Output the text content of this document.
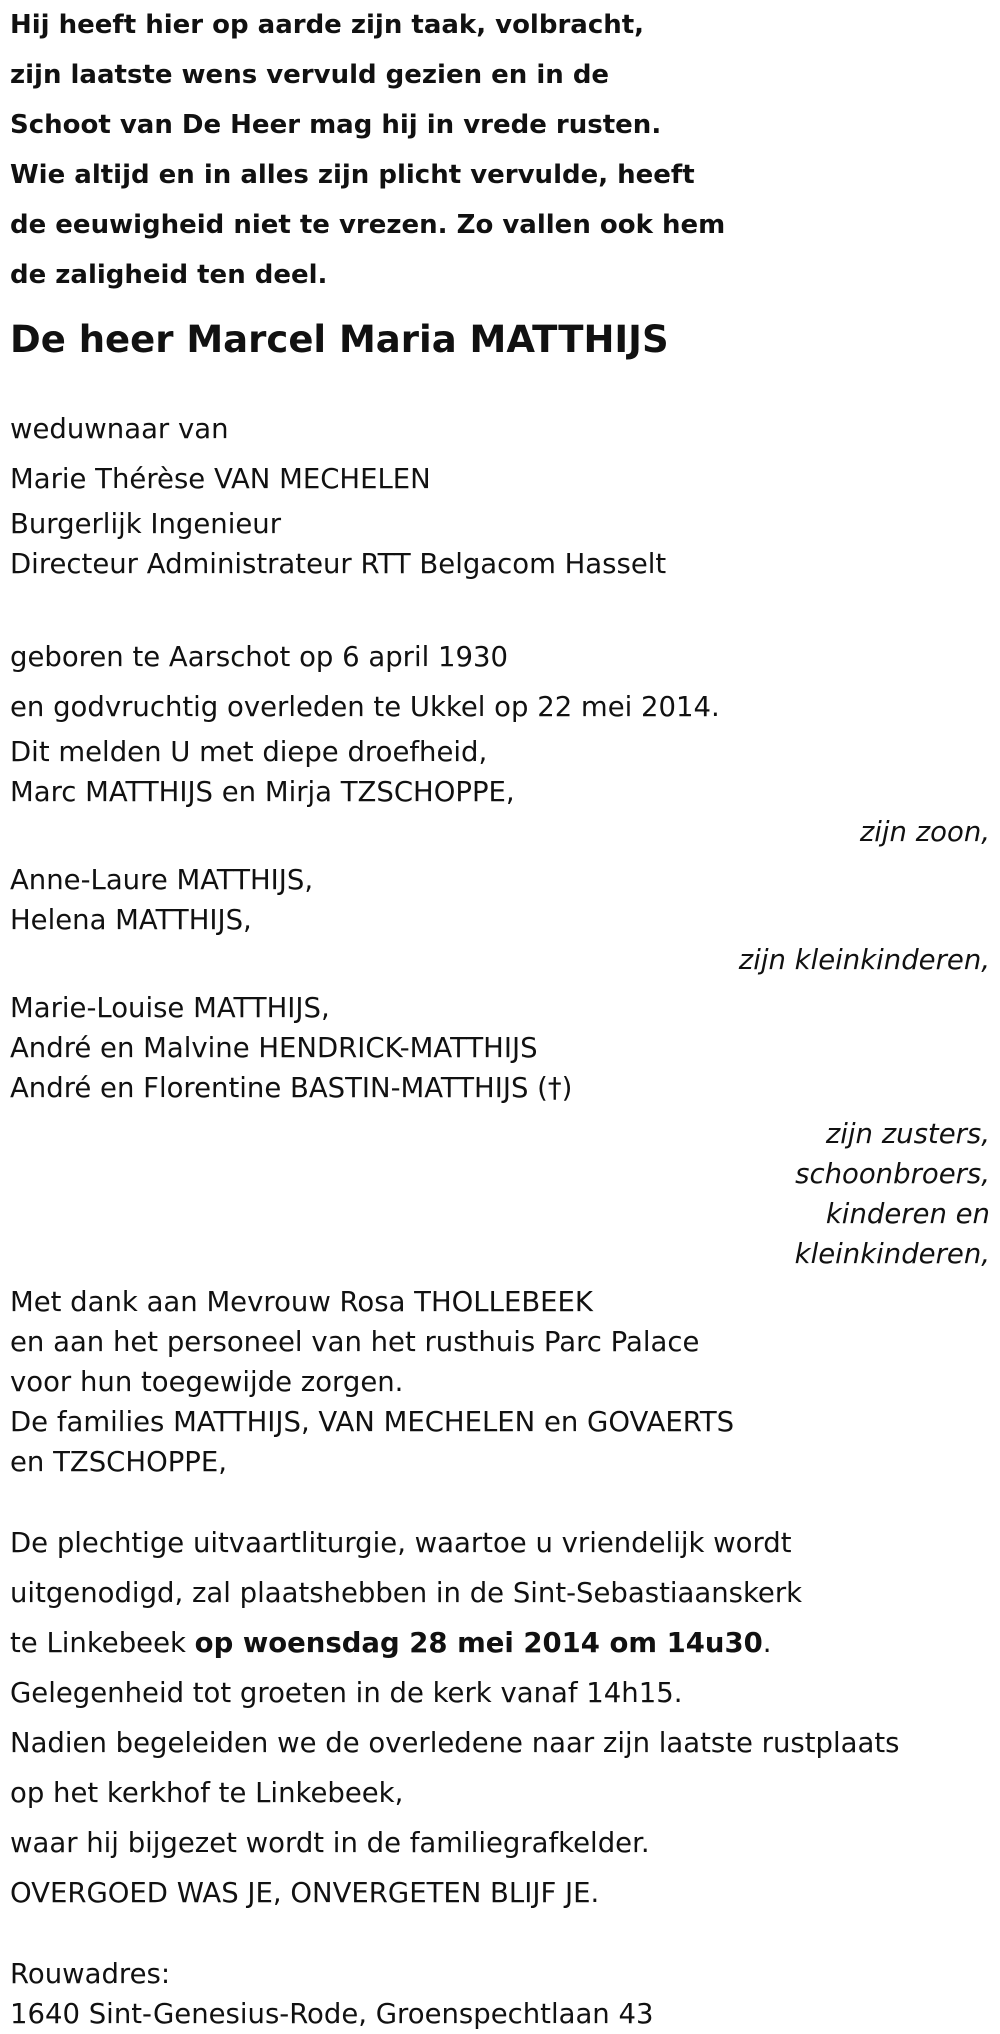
Hij heeft hier op aarde zijn taak, volbracht,
zijn laatste wens vervuld gezien en in de
Schoot van De Heer mag hij in vrede rusten.
Wie altijd en in alles zijn plicht vervulde, heeft
de eeuwigheid niet te vrezen. Zo vallen ook hem
de zaligheid ten deel.
De heer Marcel Maria MATTHIJS
weduwnaar van
Marie Thérèse VAN MECHELEN
Burgerlijk Ingenieur
Directeur Administrateur RTT Belgacom Hasselt
geboren te Aarschot op 6 april 1930
en godvruchtig overleden te Ukkel op 22 mei 2014.
Dit melden U met diepe droefheid,
Marc MATTHIJS en Mirja TZSCHOPPE,
zijn zoon,
Anne-Laure MATTHIJS,
Helena MATTHIJS,
zijn kleinkinderen,
Marie-Louise MATTHIJS,
André en Malvine HENDRICK-MATTHIJS
André en Florentine BASTIN-MATTHIJS (†)
zijn zusters,
schoonbroers,
kinderen en
kleinkinderen,
Met dank aan Mevrouw Rosa THOLLEBEEK
en aan het personeel van het rusthuis Parc Palace
voor hun toegewijde zorgen.
De families MATTHIJS, VAN MECHELEN en GOVAERTS
en TZSCHOPPE,
De plechtige uitvaartliturgie, waartoe u vriendelijk wordt
uitgenodigd, zal plaatshebben in de Sint-Sebastiaanskerk
te Linkebeek op woensdag 28 mei 2014 om 14u30.
Gelegenheid tot groeten in de kerk vanaf 14h15.
Nadien begeleiden we de overledene naar zijn laatste rustplaats
op het kerkhof te Linkebeek,
waar hij bijgezet wordt in de familiegrafkelder.
OVERGOED WAS JE, ONVERGETEN BLIJF JE.
Rouwadres:
1640 Sint-Genesius-Rode, Groenspechtlaan 43
